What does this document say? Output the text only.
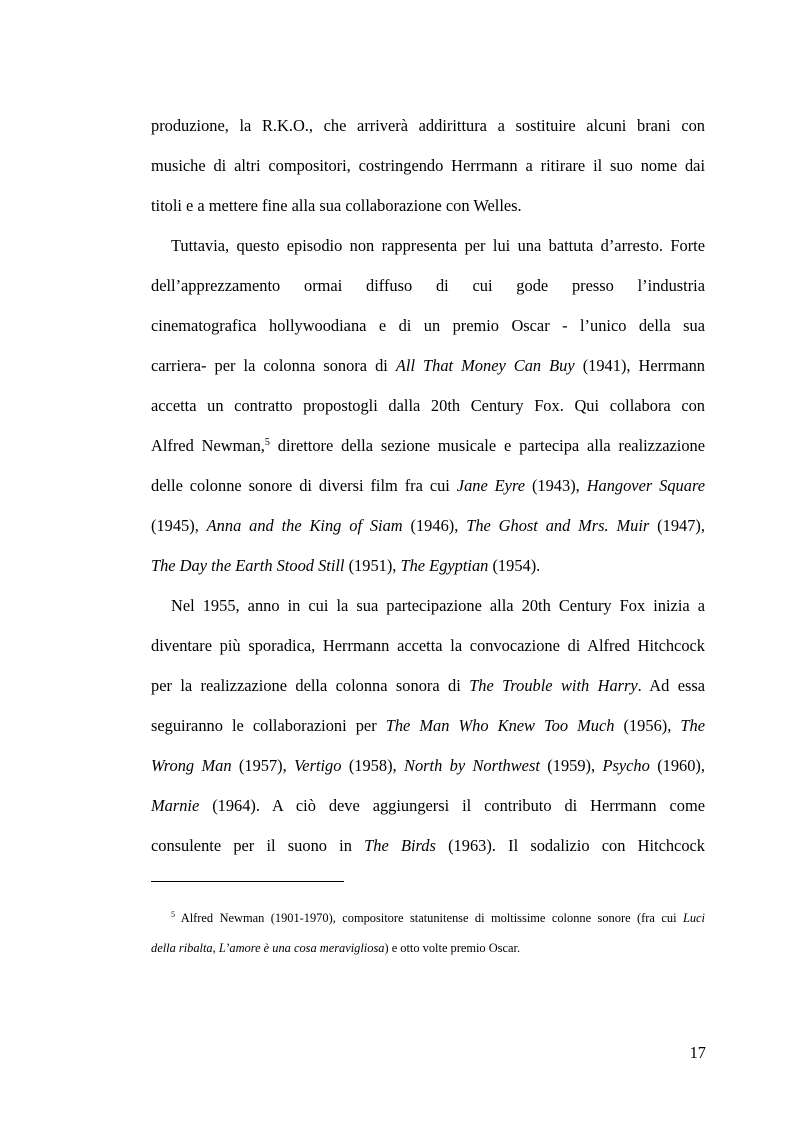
produzione, la R.K.O., che arriverà addirittura a sostituire alcuni brani con
musiche di altri compositori, costringendo Herrmann a ritirare il suo nome dai
titoli e a mettere fine alla sua collaborazione con Welles.
Tuttavia, questo episodio non rappresenta per lui una battuta d’arresto. Forte
dell’apprezzamento ormai diffuso di cui gode presso l’industria
cinematografica hollywoodiana e di un premio Oscar - l’unico della sua
carriera- per la colonna sonora di All That Money Can Buy (1941), Herrmann
accetta un contratto propostogli dalla 20th Century Fox. Qui collabora con
Alfred Newman,$^5$ direttore della sezione musicale e partecipa alla realizzazione
delle colonne sonore di diversi film fra cui Jane Eyre (1943), Hangover Square
(1945), Anna and the King of Siam (1946), The Ghost and Mrs. Muir (1947),
The Day the Earth Stood Still (1951), The Egyptian (1954).
Nel 1955, anno in cui la sua partecipazione alla 20th Century Fox inizia a
diventare più sporadica, Herrmann accetta la convocazione di Alfred Hitchcock
per la realizzazione della colonna sonora di The Trouble with Harry. Ad essa
seguiranno le collaborazioni per The Man Who Knew Too Much (1956), The
Wrong Man (1957), Vertigo (1958), North by Northwest (1959), Psycho (1960),
Marnie (1964). A ciò deve aggiungersi il contributo di Herrmann come
consulente per il suono in The Birds (1963). Il sodalizio con Hitchcock
$^5$ Alfred Newman (1901-1970), compositore statunitense di moltissime colonne sonore (fra cui Luci
della ribalta, L’amore è una cosa meravigliosa) e otto volte premio Oscar.
17
